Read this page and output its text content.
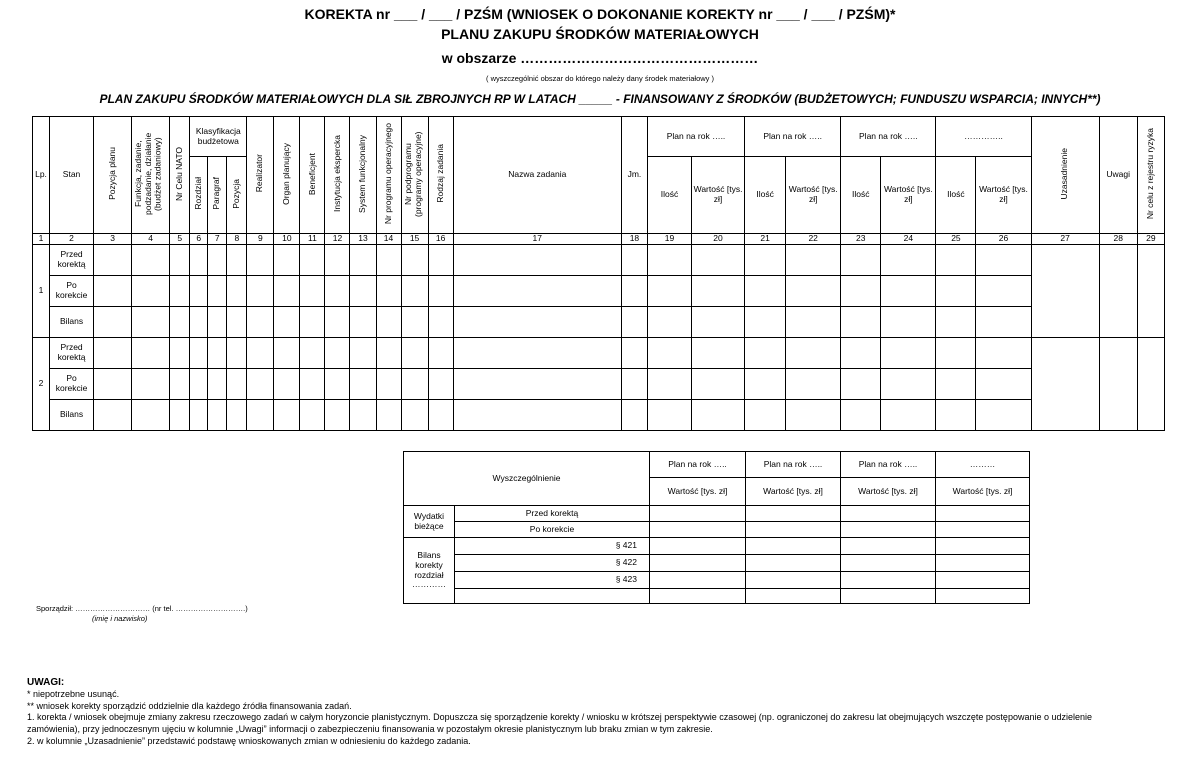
KOREKTA nr ___ / ___ / PZŚM (WNIOSEK O DOKONANIE KOREKTY nr ___ / ___ / PZŚM)*
PLANU ZAKUPU ŚRODKÓW MATERIAŁOWYCH
w obszarze ……………………………………………
( wyszczególnić obszar do którego należy dany środek materiałowy )
PLAN ZAKUPU ŚRODKÓW MATERIAŁOWYCH DLA SIŁ ZBROJNYCH RP W LATACH _____ - FINANSOWANY Z ŚRODKÓW (BUDŻETOWYCH; FUNDUSZU WSPARCIA; INNYCH**)
Lp.	Stan	Pozycja planu	Funkcja, zadanie, podzadanie, działanie (budżet zadaniowy)	Nr Celu NATO	Klasyfikacja budżetowa			Realizator	Organ planujący	Beneficjent	Instytucja ekspercka	System funkcjonalny	Nr programu operacyjnego	Nr podprogramu (programy operacyjne)	Rodzaj zadania	Nazwa zadania	Jm.	Plan na rok …..		Plan na rok …..		Plan na rok …..		…………..		Uzasadnienie	Uwagi	Nr celu z rejestru ryzyka
					Rozdział	Paragraf	Pozycja											Ilość	Wartość [tys. zł]	Ilość	Wartość [tys. zł]	Ilość	Wartość [tys. zł]	Ilość	Wartość [tys. zł]			
1	2	3	4	5	6	7	8	9	10	11	12	13	14	15	16	17	18	19	20	21	22	23	24	25	26	27	28	29
1	Przed korektą																											
	Po korekcie																											
	Bilans																											
2	Przed korektą																											
	Po korekcie																											
	Bilans																											
Wyszczególnienie		Plan na rok …..	Plan na rok …..	Plan na rok …..	………
		Wartość [tys. zł]	Wartość [tys. zł]	Wartość [tys. zł]	Wartość [tys. zł]
Wydatki bieżące	Przed korektą				
	Po korekcie				
Bilans korekty rozdział …………	§ 421				
	§ 422				
	§ 423				

Sporządził: ………………………… (nr tel. ……………………….)
(imię i nazwisko)

UWAGI:

* niepotrzebne usunąć.

** wniosek korekty sporządzić oddzielnie dla każdego źródła finansowania zadań.

1. korekta / wniosek obejmuje zmiany zakresu rzeczowego zadań w całym horyzoncie planistycznym. Dopuszcza się sporządzenie korekty / wniosku w krótszej perspektywie czasowej (np. ograniczonej do zakresu lat obejmujących wszczęte postępowanie o udzielenie zamówienia), przy jednoczesnym ujęciu w kolumnie „Uwagi” informacji o zabezpieczeniu finansowania w pozostałym okresie planistycznym lub braku zmian w tym zakresie.

2. w kolumnie „Uzasadnienie” przedstawić podstawę wnioskowanych zmian w odniesieniu do każdego zadania.
